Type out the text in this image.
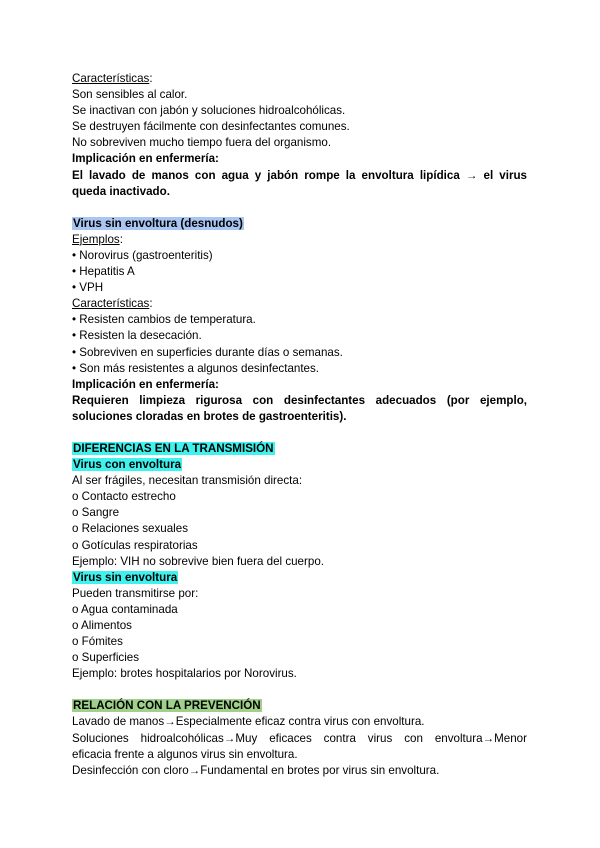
Características:
Son sensibles al calor.
Se inactivan con jabón y soluciones hidroalcohólicas.
Se destruyen fácilmente con desinfectantes comunes.
No sobreviven mucho tiempo fuera del organismo.
Implicación en enfermería:
El lavado de manos con agua y jabón rompe la envoltura lipídica → el virus
queda inactivado.
Virus sin envoltura (desnudos)
Ejemplos:
• Norovirus (gastroenteritis)
• Hepatitis A
• VPH
Características:
• Resisten cambios de temperatura.
• Resisten la desecación.
• Sobreviven en superficies durante días o semanas.
• Son más resistentes a algunos desinfectantes.
Implicación en enfermería:
Requieren limpieza rigurosa con desinfectantes adecuados (por ejemplo,
soluciones cloradas en brotes de gastroenteritis).
DIFERENCIAS EN LA TRANSMISIÓN
Virus con envoltura
Al ser frágiles, necesitan transmisión directa:
o Contacto estrecho
o Sangre
o Relaciones sexuales
o Gotículas respiratorias
Ejemplo: VIH no sobrevive bien fuera del cuerpo.
Virus sin envoltura
Pueden transmitirse por:
o Agua contaminada
o Alimentos
o Fómites
o Superficies
Ejemplo: brotes hospitalarios por Norovirus.
RELACIÓN CON LA PREVENCIÓN
Lavado de manos→Especialmente eficaz contra virus con envoltura.
Soluciones hidroalcohólicas→Muy eficaces contra virus con envoltura→Menor
eficacia frente a algunos virus sin envoltura.
Desinfección con cloro→Fundamental en brotes por virus sin envoltura.
